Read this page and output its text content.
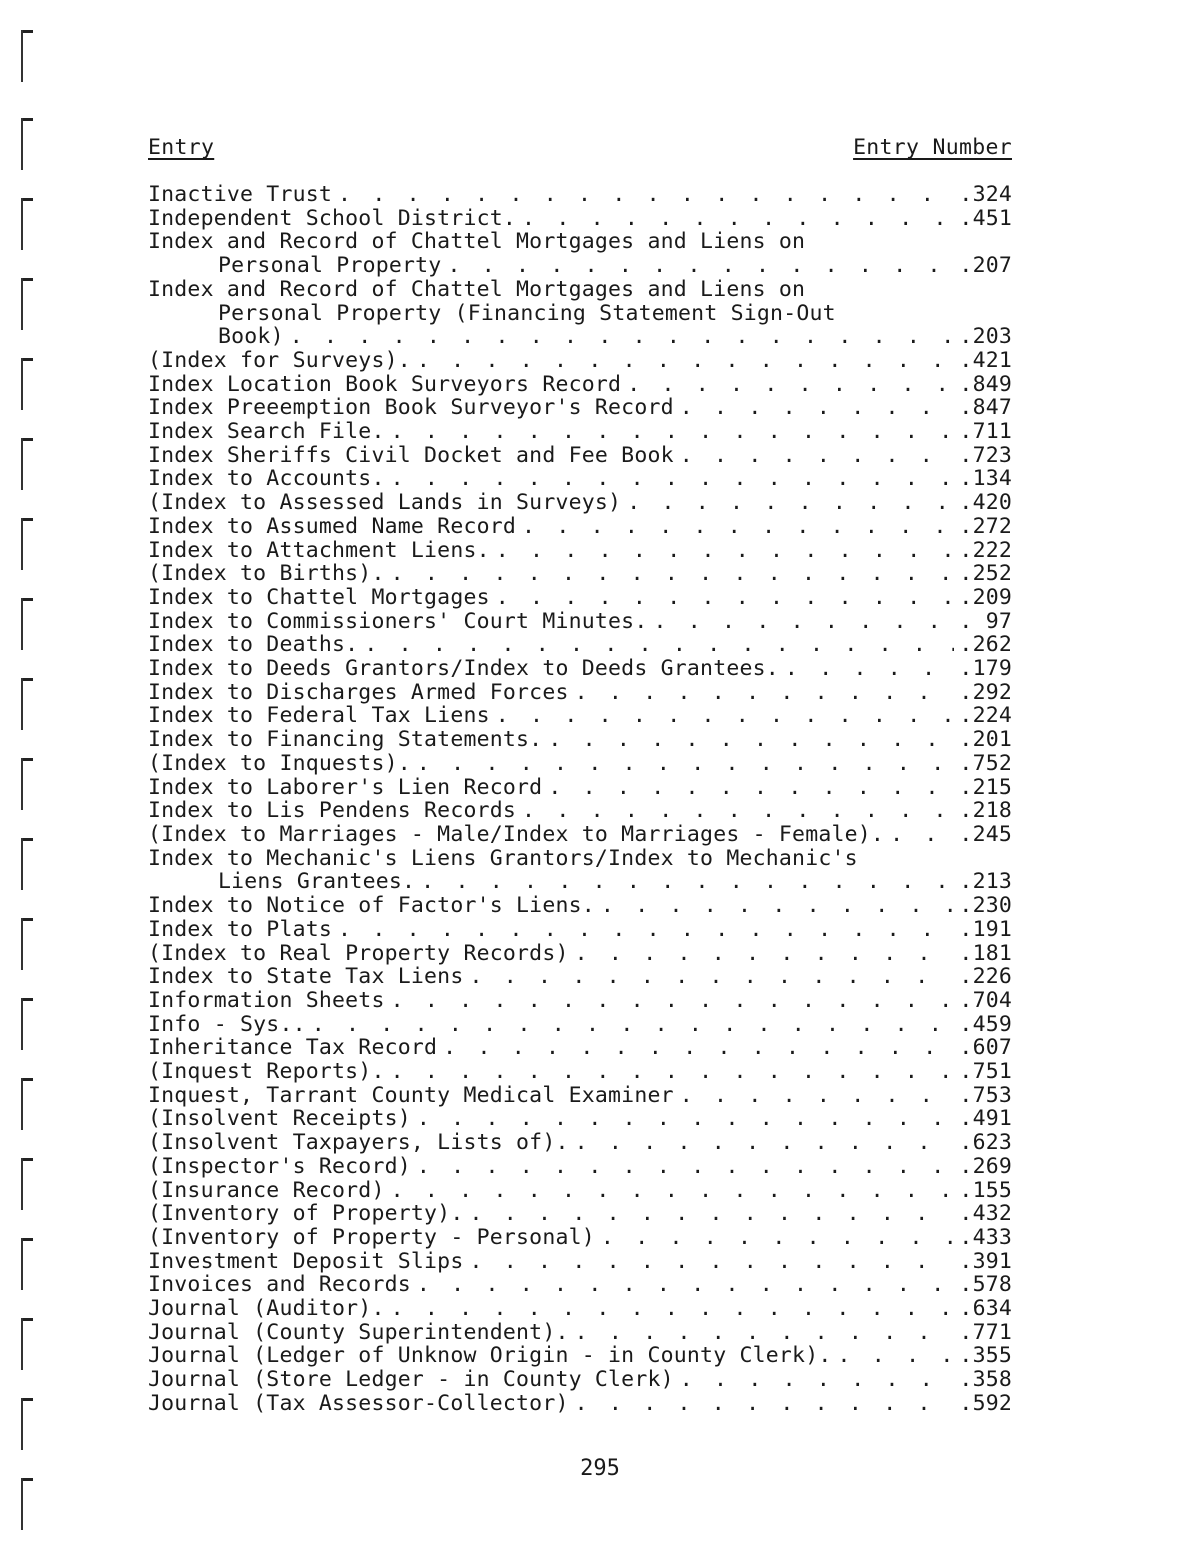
Entry	Entry Number
Inactive Trust . . .	.324
Independent School District. . . .	.451
Index and Record of Chattel Mortgages and Liens on
Personal Property . . .	.207
Index and Record of Chattel Mortgages and Liens on
Personal Property (Financing Statement Sign-Out
Book) . . .	.203
(Index for Surveys). . . .	.421
Index Location Book Surveyors Record . . .	.849
Index Preeemption Book Surveyor's Record . . .	.847
Index Search File. . . .	.711
Index Sheriffs Civil Docket and Fee Book . . .	.723
Index to Accounts. . . .	.134
(Index to Assessed Lands in Surveys) . . .	.420
Index to Assumed Name Record . . .	.272
Index to Attachment Liens. . . .	.222
(Index to Births). . . .	.252
Index to Chattel Mortgages . . .	.209
Index to Commissioners' Court Minutes. . . .	. 97
Index to Deaths. . . .	.262
Index to Deeds Grantors/Index to Deeds Grantees. . . .	.179
Index to Discharges Armed Forces . . .	.292
Index to Federal Tax Liens . . .	.224
Index to Financing Statements. . . .	.201
(Index to Inquests). . . .	.752
Index to Laborer's Lien Record . . .	.215
Index to Lis Pendens Records . . .	.218
(Index to Marriages - Male/Index to Marriages - Female). . . .	.245
Index to Mechanic's Liens Grantors/Index to Mechanic's
Liens Grantees. . . .	.213
Index to Notice of Factor's Liens. . . .	.230
Index to Plats . . .	.191
(Index to Real Property Records) . . .	.181
Index to State Tax Liens . . .	.226
Information Sheets . . .	.704
Info - Sys.. . . .	.459
Inheritance Tax Record . . .	.607
(Inquest Reports). . . .	.751
Inquest, Tarrant County Medical Examiner . . .	.753
(Insolvent Receipts) . . .	.491
(Insolvent Taxpayers, Lists of). . . .	.623
(Inspector's Record) . . .	.269
(Insurance Record) . . .	.155
(Inventory of Property). . . .	.432
(Inventory of Property - Personal) . . .	.433
Investment Deposit Slips . . .	.391
Invoices and Records . . .	.578
Journal (Auditor). . . .	.634
Journal (County Superintendent). . . .	.771
Journal (Ledger of Unknow Origin - in County Clerk). . . .	.355
Journal (Store Ledger - in County Clerk) . . .	.358
Journal (Tax Assessor-Collector) . . .	.592
295
